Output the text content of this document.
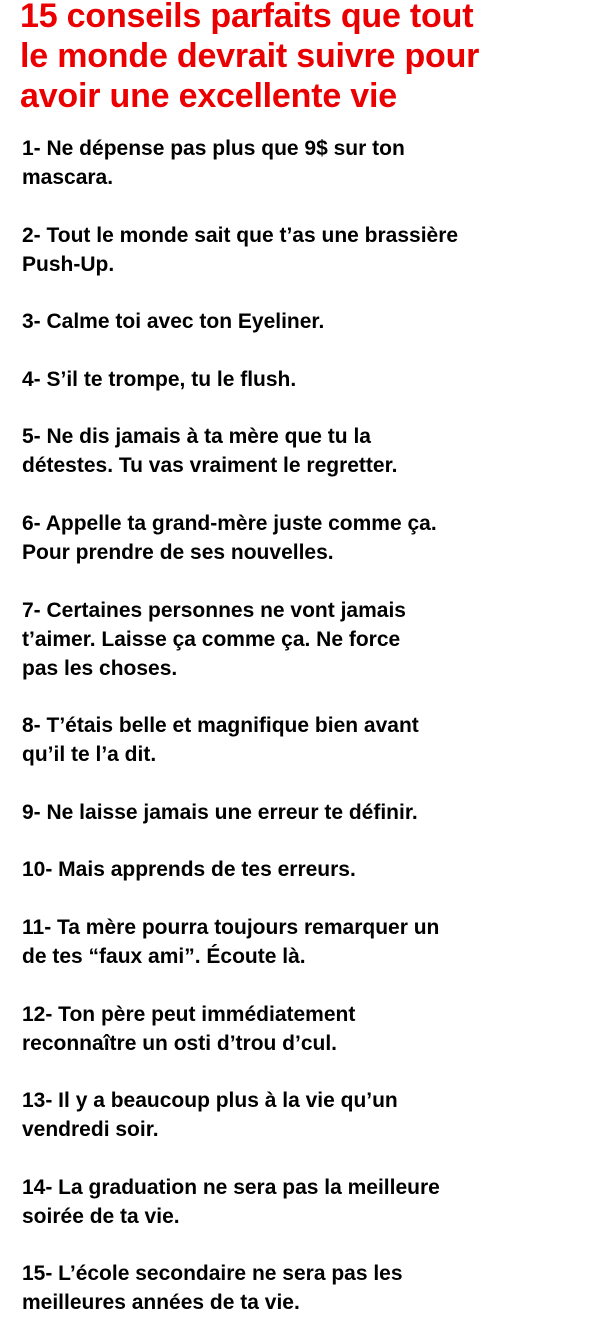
15 conseils parfaits que tout
le monde devrait suivre pour
avoir une excellente vie
1- Ne dépense pas plus que 9$ sur ton
mascara.
2- Tout le monde sait que t’as une brassière
Push-Up.
3- Calme toi avec ton Eyeliner.
4- S’il te trompe, tu le flush.
5- Ne dis jamais à ta mère que tu la
détestes. Tu vas vraiment le regretter.
6- Appelle ta grand-mère juste comme ça.
Pour prendre de ses nouvelles.
7- Certaines personnes ne vont jamais
t’aimer. Laisse ça comme ça. Ne force
pas les choses.
8- T’étais belle et magnifique bien avant
qu’il te l’a dit.
9- Ne laisse jamais une erreur te définir.
10- Mais apprends de tes erreurs.
11- Ta mère pourra toujours remarquer un
de tes “faux ami”. Écoute là.
12- Ton père peut immédiatement
reconnaître un osti d’trou d’cul.
13- Il y a beaucoup plus à la vie qu’un
vendredi soir.
14- La graduation ne sera pas la meilleure
soirée de ta vie.
15- L’école secondaire ne sera pas les
meilleures années de ta vie.
